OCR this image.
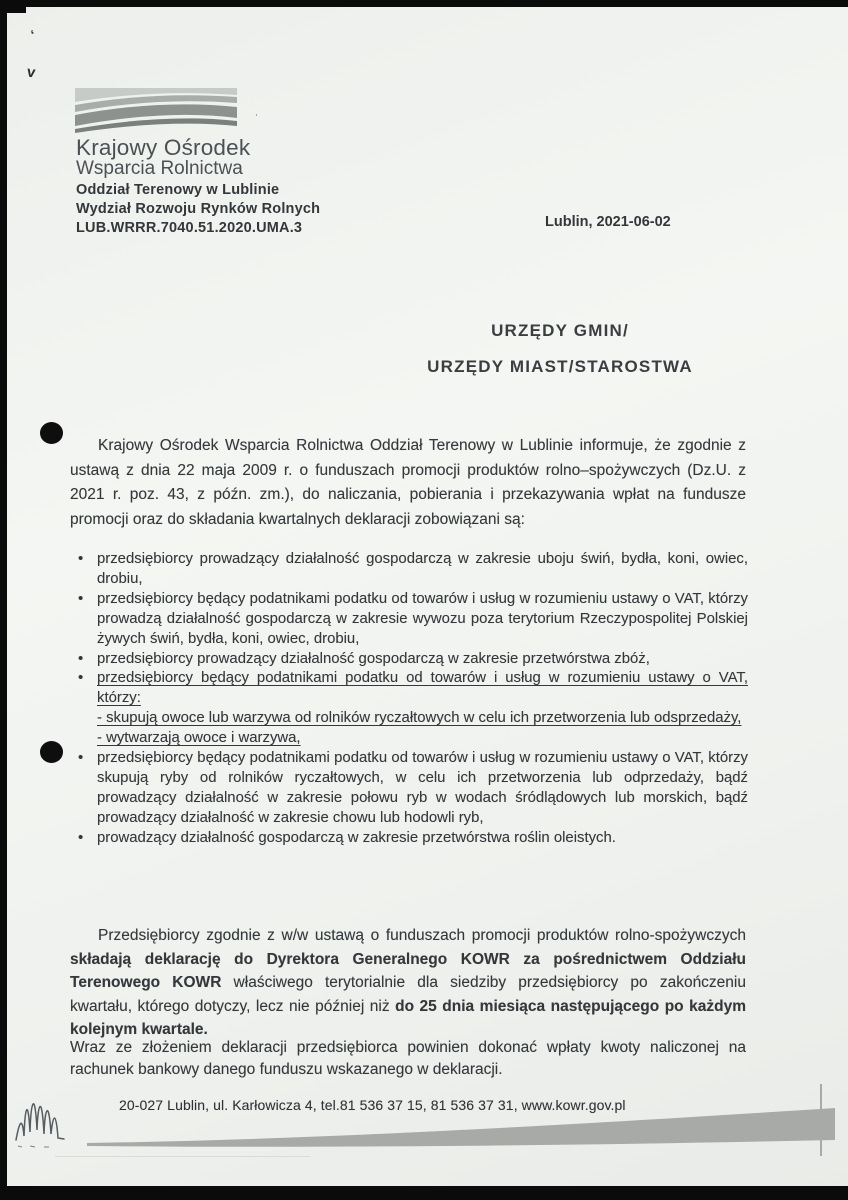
ʻ
v
ˌ
Krajowy Ośrodek
Wsparcia Rolnictwa
Oddział Terenowy w Lublinie
Wydział Rozwoju Rynków Rolnych
LUB.WRRR.7040.51.2020.UMA.3	Lublin, 2021-06-02
URZĘDY GMIN/
URZĘDY MIAST/STAROSTWA

Krajowy Ośrodek Wsparcia Rolnictwa Oddział Terenowy w Lublinie informuje, że zgodnie z ustawą z dnia 22 maja 2009 r. o funduszach promocji produktów rolno–spożywczych (Dz.U. z 2021 r. poz. 43, z późn. zm.), do naliczania, pobierania i przekazywania wpłat na fundusze promocji oraz do składania kwartalnych deklaracji zobowiązani są:

• przedsiębiorcy prowadzący działalność gospodarczą w zakresie uboju świń, bydła, koni, owiec, drobiu,
• przedsiębiorcy będący podatnikami podatku od towarów i usług w rozumieniu ustawy o VAT, którzy prowadzą działalność gospodarczą w zakresie wywozu poza terytorium Rzeczypospolitej Polskiej żywych świń, bydła, koni, owiec, drobiu,
• przedsiębiorcy prowadzący działalność gospodarczą w zakresie przetwórstwa zbóż,
• przedsiębiorcy będący podatnikami podatku od towarów i usług w rozumieniu ustawy o VAT, którzy:
- skupują owoce lub warzywa od rolników ryczałtowych w celu ich przetworzenia lub odsprzedaży,
- wytwarzają owoce i warzywa,
• przedsiębiorcy będący podatnikami podatku od towarów i usług w rozumieniu ustawy o VAT, którzy skupują ryby od rolników ryczałtowych, w celu ich przetworzenia lub odprzedaży, bądź prowadzący działalność w zakresie połowu ryb w wodach śródlądowych lub morskich, bądź prowadzący działalność w zakresie chowu lub hodowli ryb,
• prowadzący działalność gospodarczą w zakresie przetwórstwa roślin oleistych.

Przedsiębiorcy zgodnie z w/w ustawą o funduszach promocji produktów rolno-spożywczych składają deklarację do Dyrektora Generalnego KOWR za pośrednictwem Oddziału Terenowego KOWR właściwego terytorialnie dla siedziby przedsiębiorcy po zakończeniu kwartału, którego dotyczy, lecz nie później niż do 25 dnia miesiąca następującego po każdym kolejnym kwartale.

Wraz ze złożeniem deklaracji przedsiębiorca powinien dokonać wpłaty kwoty naliczonej na rachunek bankowy danego funduszu wskazanego w deklaracji.

20-027 Lublin, ul. Karłowicza 4, tel.81 536 37 15, 81 536 37 31, www.kowr.gov.pl
